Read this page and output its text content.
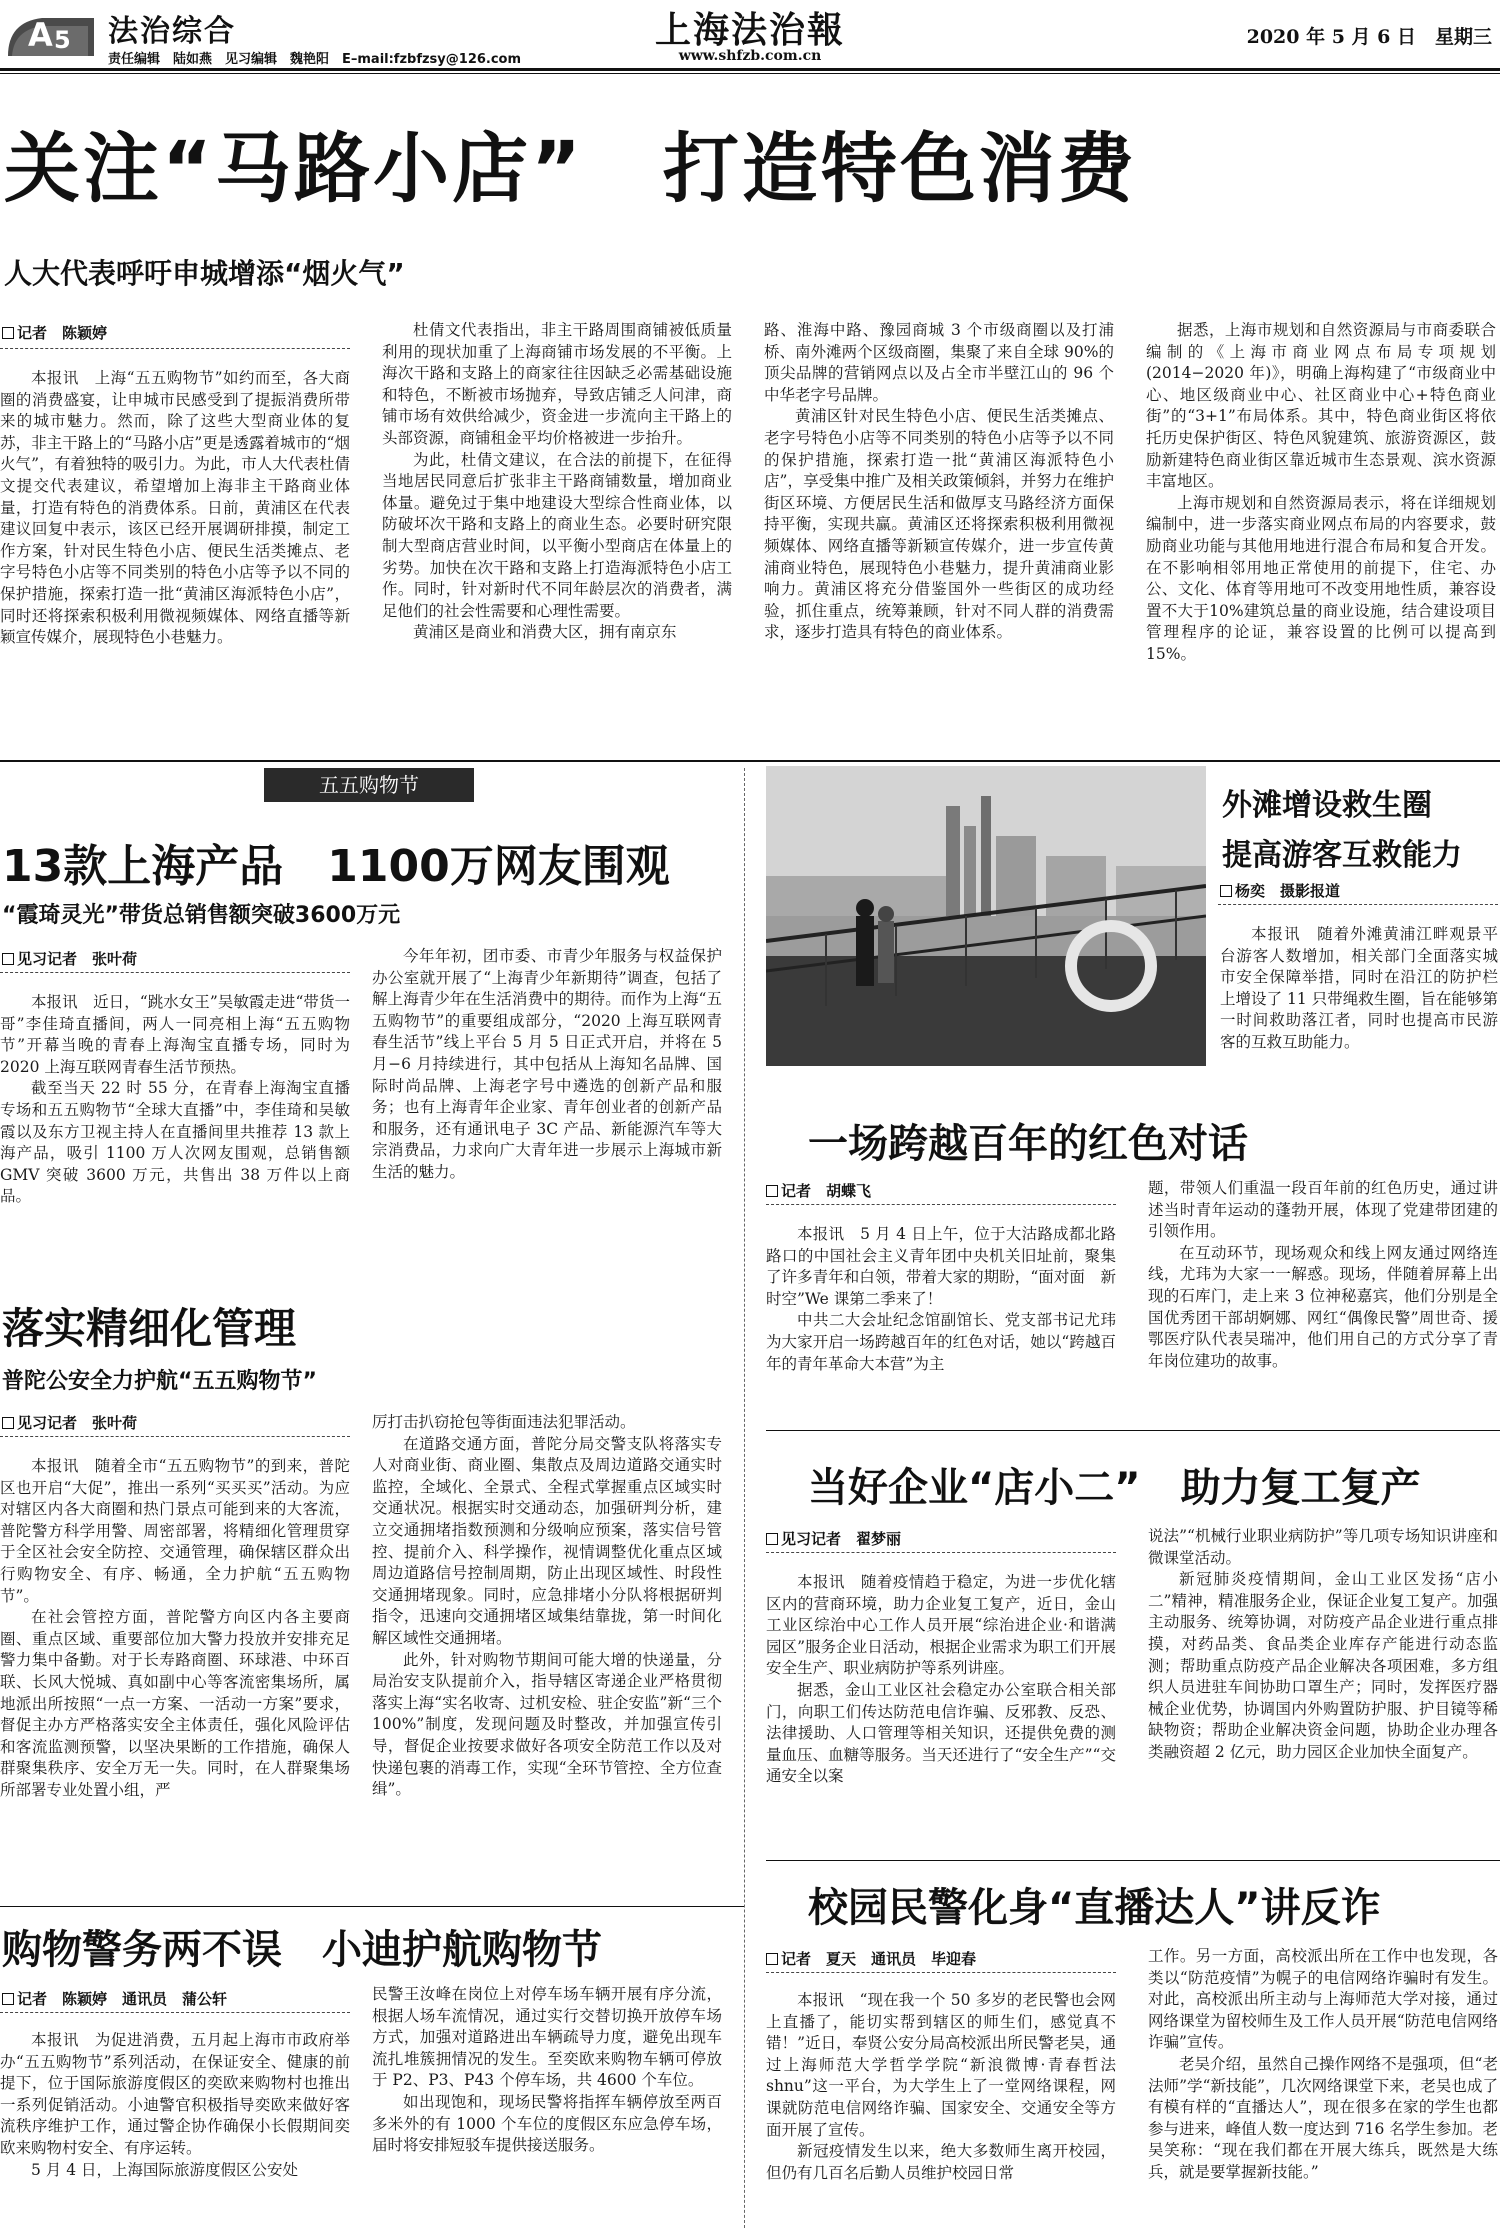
A 5 法治综合
责任编辑　陆如燕　见习编辑　魏艳阳　E–mail:fzbfzsy@126.com
上海法治報
www.shfzb.com.cn
2020 年 5 月 6 日　星期三
关注“马路小店”　打造特色消费
人大代表呼吁申城增添“烟火气”
记者　陈颖婷

本报讯　上海“五五购物节”如约而至，各大商圈的消费盛宴，让申城市民感受到了提振消费所带来的城市魅力。然而，除了这些大型商业体的复苏，非主干路上的“马路小店”更是透露着城市的“烟火气”，有着独特的吸引力。为此，市人大代表杜倩文提交代表建议，希望增加上海非主干路商业体量，打造有特色的消费体系。日前，黄浦区在代表建议回复中表示，该区已经开展调研排摸，制定工作方案，针对民生特色小店、便民生活类摊点、老字号特色小店等不同类别的特色小店等予以不同的保护措施，探索打造一批“黄浦区海派特色小店”，同时还将探索积极利用微视频媒体、网络直播等新颖宣传媒介，展现特色小巷魅力。

杜倩文代表指出，非主干路周围商铺被低质量利用的现状加重了上海商铺市场发展的不平衡。上海次干路和支路上的商家往往因缺乏必需基础设施和特色，不断被市场抛弃，导致店铺乏人问津，商铺市场有效供给减少，资金进一步流向主干路上的头部资源，商铺租金平均价格被进一步抬升。

为此，杜倩文建议，在合法的前提下，在征得当地居民同意后扩张非主干路商铺数量，增加商业体量。避免过于集中地建设大型综合性商业体，以防破坏次干路和支路上的商业生态。必要时研究限制大型商店营业时间，以平衡小型商店在体量上的劣势。加快在次干路和支路上打造海派特色小店工作。同时，针对新时代不同年龄层次的消费者，满足他们的社会性需要和心理性需要。

黄浦区是商业和消费大区，拥有南京东

路、淮海中路、豫园商城 3 个市级商圈以及打浦桥、南外滩两个区级商圈，集聚了来自全球 90%的顶尖品牌的营销网点以及占全市半壁江山的 96 个中华老字号品牌。

黄浦区针对民生特色小店、便民生活类摊点、老字号特色小店等不同类别的特色小店等予以不同的保护措施，探索打造一批“黄浦区海派特色小店”，享受集中推广及相关政策倾斜，并努力在维护街区环境、方便居民生活和做厚支马路经济方面保持平衡，实现共赢。黄浦区还将探索积极利用微视频媒体、网络直播等新颖宣传媒介，进一步宣传黄浦商业特色，展现特色小巷魅力，提升黄浦商业影响力。黄浦区将充分借鉴国外一些街区的成功经验，抓住重点，统筹兼顾，针对不同人群的消费需求，逐步打造具有特色的商业体系。

据悉，上海市规划和自然资源局与市商委联合编制的《上海市商业网点布局专项规划(2014−2020 年)》，明确上海构建了“市级商业中心、地区级商业中心、社区商业中心+特色商业街”的“3+1”布局体系。其中，特色商业街区将依托历史保护街区、特色风貌建筑、旅游资源区，鼓励新建特色商业街区靠近城市生态景观、滨水资源丰富地区。

上海市规划和自然资源局表示，将在详细规划编制中，进一步落实商业网点布局的内容要求，鼓励商业功能与其他用地进行混合布局和复合开发。在不影响相邻用地正常使用的前提下，住宅、办公、文化、体育等用地可不改变用地性质，兼容设置不大于10%建筑总量的商业设施，结合建设项目管理程序的论证，兼容设置的比例可以提高到15%。

五五购物节
13款上海产品　1100万网友围观
“霞琦灵光”带货总销售额突破3600万元
见习记者　张叶荷

本报讯　近日，“跳水女王”吴敏霞走进“带货一哥”李佳琦直播间，两人一同亮相上海“五五购物节”开幕当晚的青春上海淘宝直播专场，同时为 2020 上海互联网青春生活节预热。

截至当天 22 时 55 分，在青春上海淘宝直播专场和五五购物节“全球大直播”中，李佳琦和吴敏霞以及东方卫视主持人在直播间里共推荐 13 款上海产品，吸引 1100 万人次网友围观，总销售额 GMV 突破 3600 万元，共售出 38 万件以上商品。

今年年初，团市委、市青少年服务与权益保护办公室就开展了“上海青少年新期待”调查，包括了解上海青少年在生活消费中的期待。而作为上海“五五购物节”的重要组成部分，“2020 上海互联网青春生活节”线上平台 5 月 5 日正式开启，并将在 5 月−6 月持续进行，其中包括从上海知名品牌、国际时尚品牌、上海老字号中遴选的创新产品和服务；也有上海青年企业家、青年创业者的创新产品和服务，还有通讯电子 3C 产品、新能源汽车等大宗消费品，力求向广大青年进一步展示上海城市新生活的魅力。

外滩增设救生圈
提高游客互救能力
杨奕　摄影报道

本报讯　随着外滩黄浦江畔观景平台游客人数增加，相关部门全面落实城市安全保障举措，同时在沿江的防护栏上增设了 11 只带绳救生圈，旨在能够第一时间救助落江者，同时也提高市民游客的互救互助能力。

一场跨越百年的红色对话
记者　胡蝶飞

本报讯　5 月 4 日上午，位于大沽路成都北路路口的中国社会主义青年团中央机关旧址前，聚集了许多青年和白领，带着大家的期盼，“面对面　新时空”We 课第二季来了！

中共二大会址纪念馆副馆长、党支部书记尤玮为大家开启一场跨越百年的红色对话，她以“跨越百年的青年革命大本营”为主

题，带领人们重温一段百年前的红色历史，通过讲述当时青年运动的蓬勃开展，体现了党建带团建的引领作用。

在互动环节，现场观众和线上网友通过网络连线，尤玮为大家一一解惑。现场，伴随着屏幕上出现的石库门，走上来 3 位神秘嘉宾，他们分别是全国优秀团干部胡婀娜、网红“偶像民警”周世奇、援鄂医疗队代表吴瑞冲，他们用自己的方式分享了青年岗位建功的故事。

落实精细化管理
普陀公安全力护航“五五购物节”
见习记者　张叶荷

本报讯　随着全市“五五购物节”的到来，普陀区也开启“大促”，推出一系列“买买买”活动。为应对辖区内各大商圈和热门景点可能到来的大客流，普陀警方科学用警、周密部署，将精细化管理贯穿于全区社会安全防控、交通管理，确保辖区群众出行购物安全、有序、畅通，全力护航“五五购物节”。

在社会管控方面，普陀警方向区内各主要商圈、重点区域、重要部位加大警力投放并安排充足警力集中备勤。对于长寿路商圈、环球港、中环百联、长风大悦城、真如副中心等客流密集场所，属地派出所按照“一点一方案、一活动一方案”要求，督促主办方严格落实安全主体责任，强化风险评估和客流监测预警，以坚决果断的工作措施，确保人群聚集秩序、安全万无一失。同时，在人群聚集场所部署专业处置小组，严

厉打击扒窃抢包等街面违法犯罪活动。

在道路交通方面，普陀分局交警支队将落实专人对商业街、商业圈、集散点及周边道路交通实时监控，全域化、全景式、全程式掌握重点区域实时交通状况。根据实时交通动态，加强研判分析，建立交通拥堵指数预测和分级响应预案，落实信号管控、提前介入、科学操作，视情调整优化重点区域周边道路信号控制周期，防止出现区域性、时段性交通拥堵现象。同时，应急排堵小分队将根据研判指令，迅速向交通拥堵区域集结靠拢，第一时间化解区域性交通拥堵。

此外，针对购物节期间可能大增的快递量，分局治安支队提前介入，指导辖区寄递企业严格贯彻落实上海“实名收寄、过机安检、驻企安监”新“三个 100%”制度，发现问题及时整改，并加强宣传引导，督促企业按要求做好各项安全防范工作以及对快递包裹的消毒工作，实现“全环节管控、全方位查缉”。

当好企业“店小二”　助力复工复产
见习记者　翟梦丽

本报讯　随着疫情趋于稳定，为进一步优化辖区内的营商环境，助力企业复工复产，近日，金山工业区综治中心工作人员开展“综治进企业·和谐满园区”服务企业日活动，根据企业需求为职工们开展安全生产、职业病防护等系列讲座。

据悉，金山工业区社会稳定办公室联合相关部门，向职工们传达防范电信诈骗、反邪教、反恐、法律援助、人口管理等相关知识，还提供免费的测量血压、血糖等服务。当天还进行了“安全生产”“交通安全以案

说法”“机械行业职业病防护”等几项专场知识讲座和微课堂活动。

新冠肺炎疫情期间，金山工业区发扬“店小二”精神，精准服务企业，保证企业复工复产。加强主动服务、统筹协调，对防疫产品企业进行重点排摸，对药品类、食品类企业库存产能进行动态监测；帮助重点防疫产品企业解决各项困难，多方组织人员进驻车间协助口罩生产；同时，发挥医疗器械企业优势，协调国内外购置防护服、护目镜等稀缺物资；帮助企业解决资金问题，协助企业办理各类融资超 2 亿元，助力园区企业加快全面复产。

购物警务两不误　小迪护航购物节
记者　陈颖婷　通讯员　蒲公轩

本报讯　为促进消费，五月起上海市市政府举办“五五购物节”系列活动，在保证安全、健康的前提下，位于国际旅游度假区的奕欧来购物村也推出一系列促销活动。小迪警官积极指导奕欧来做好客流秩序维护工作，通过警企协作确保小长假期间奕欧来购物村安全、有序运转。

5 月 4 日，上海国际旅游度假区公安处

民警王汝峰在岗位上对停车场车辆开展有序分流，根据人场车流情况，通过实行交替切换开放停车场方式，加强对道路进出车辆疏导力度，避免出现车流扎堆簇拥情况的发生。至奕欧来购物车辆可停放于 P2、P3、P43 个停车场，共 4600 个车位。

如出现饱和，现场民警将指挥车辆停放至两百多米外的有 1000 个车位的度假区东应急停车场，届时将安排短驳车提供接送服务。

校园民警化身“直播达人”讲反诈
记者　夏天　通讯员　毕迎春

本报讯　“现在我一个 50 多岁的老民警也会网上直播了，能切实帮到辖区的师生们，感觉真不错！”近日，奉贤公安分局高校派出所民警老吴，通过上海师范大学哲学学院“新浪微博·青春哲法 shnu”这一平台，为大学生上了一堂网络课程，网课就防范电信网络诈骗、国家安全、交通安全等方面开展了宣传。

新冠疫情发生以来，绝大多数师生离开校园，但仍有几百名后勤人员维护校园日常

工作。另一方面，高校派出所在工作中也发现，各类以“防范疫情”为幌子的电信网络诈骗时有发生。对此，高校派出所主动与上海师范大学对接，通过网络课堂为留校师生及工作人员开展“防范电信网络诈骗”宣传。

老吴介绍，虽然自己操作网络不是强项，但“老法师”学“新技能”，几次网络课堂下来，老吴也成了有模有样的“直播达人”，现在很多在家的学生也都参与进来，峰值人数一度达到 716 名学生参加。老吴笑称：“现在我们都在开展大练兵，既然是大练兵，就是要掌握新技能。”
